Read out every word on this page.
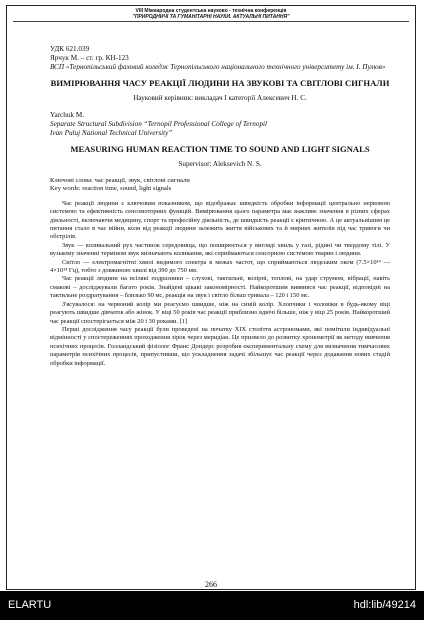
VIII Міжнародна студентська науково - технічна конференція
"ПРИРОДНИЧІ ТА ГУМАНІТАРНІ НАУКИ. АКТУАЛЬНІ ПИТАННЯ"

УДК 621.039

Ярчук М. – ст. гр. КН-123

ВСП «Тернопільський фаховий коледж Тернопільського національного технічного університету ім. І. Пулюя»

ВИМІРЮВАННЯ ЧАСУ РЕАКЦІЇ ЛЮДИНИ НА ЗВУКОВІ ТА СВІТЛОВІ СИГНАЛИ

Науковий керівник: викладач I категорії Алексевич Н. С.

Yarchuk M.

Separate Structural Subdivision “Ternopil Professional College of Ternopil

Ivan Puluj National Technical University”

MEASURING HUMAN REACTION TIME TO SOUND AND LIGHT SIGNALS

Supervisor: Aleksevich N. S.

Ключові слова: час реакції, звук, світлові сигнали

Key words: reaction time, sound, light signals

Час реакції людини є ключовим показником, що відображає швидкість обробки інформації центрально нервовою системою та ефективність сенсомоторних функцій. Вимірювання цього параметра має важливе значення в різних сферах діяльності, включаючи медицину, спорт та професійну діяльність, де швидкість реакції є критичною. А це актуальнішим це питання стало в час війни, коли від реакції людини залежить життя військових та й мирних жителів під час тривоги чи обстрілів.

Звук — коливальний рух частинок середовища, що поширюється у вигляді хвиль у газі, рідині чи твердому тілі. У вузькому значенні терміном звук визначають коливання, які сприймаються сенсорною системою тварин і людини.

Світло — електромагнітні хвилі видимого спектра в межах частот, що сприймаються людським оком (7.5×10¹⁴ — 4×10¹⁴ Гц), тобто з довжиною хвилі від 390 до 750 нм.

Час реакції людини на всілякі подразники – слухові, тактильні, колірні, теплові, на удар струмом, вібрації, навіть смакові – досліджували багато років. Знайдені цікаві закономірності. Найкоротшим виявився час реакції, відповідні на тактильне роздратування – близько 90 мс, реакція на звук і світло більш тривала – 120 і 150 мс.

З'ясувалося: на червоний колір ми реагуємо швидше, ніж на синій колір. Хлопчики і чоловіки в будь-якому віці реагують швидше дівчаток або жінок. У віці 50 років час реакції приблизно вдвічі більше, ніж у віці 25 років. Найкоротший час реакції спостерігається між 20 і 30 роками. [1]

Перші дослідження часу реакції були проведені на початку XIX століття астрономами, які помітили індивідуальні відмінності у спостереженнях проходження зірок через меридіан. Це призвело до розвитку хронометрії як методу вивчення психічних процесів. Голландський фізіолог Франс Дондерс розробив експериментальну схему для визначення тимчасових параметрів психічних процесів, припустивши, що ускладнення задачі збільшує час реакції через додавання нових стадій обробки інформації.

266
ELARTU	hdl:lib/49214
